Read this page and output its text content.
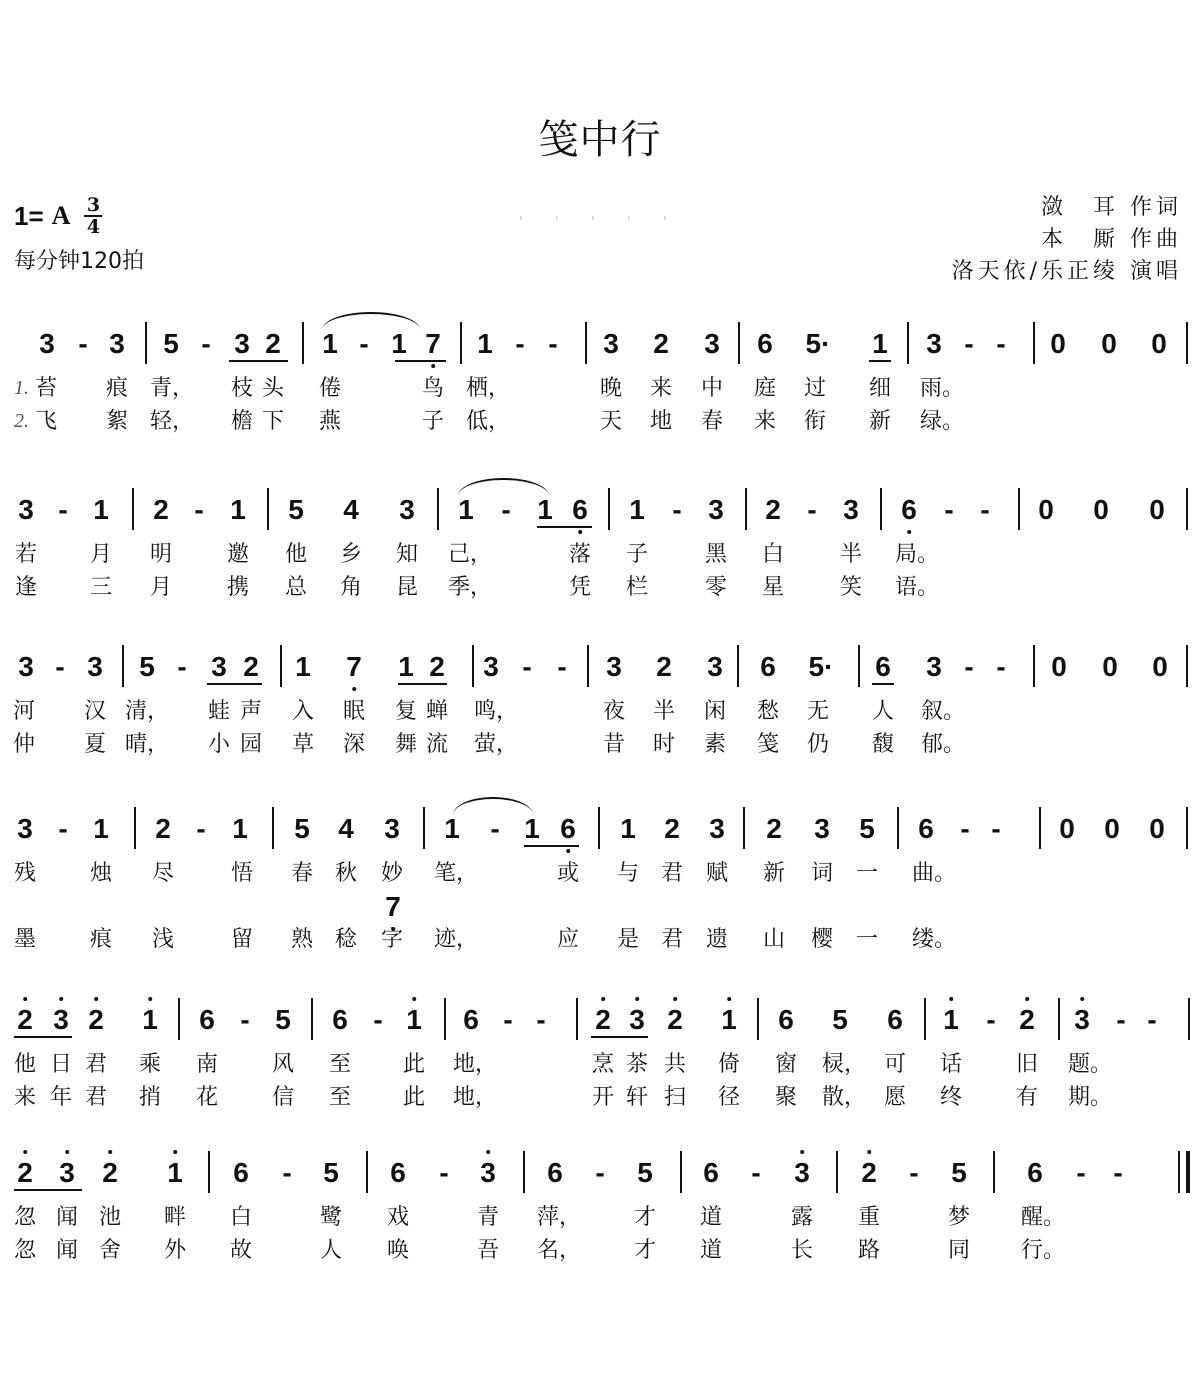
笺中行
1= A $\frac{3}{4}$
每分钟120拍
潋　耳 作词
本　厮 作曲
洛天依/乐正绫 演唱
3 - 3 5 - 3 2 1 - 1 7 1 - - 3 2 3 6 5· 1 3 - - 0 0 0
1. 苔 痕 青， 枝 头 倦	鸟 栖，	晚 来 中 庭 过 细 雨。
2. 飞 絮 轻， 檐 下 燕	子 低，	天 地 春 来 衔 新 绿。
3 - 1 2 - 1 5 4 3 1 - 1 6 1 - 3 2 - 3 6 - - 0 0 0
若 月 明 邀 他 乡 知 己，	落 子	黑 白	半 局。
逢 三 月 携 总 角 昆 季，	凭 栏	零 星	笑 语。
3 - 3 5 - 3 2 1 7 1 2 3 - - 3 2 3 6 5· 6 3 - - 0 0 0
河 汉 清， 蛙 声 入 眠 复 蝉 鸣，	夜 半 闲 愁 无 人 叙。
仲 夏 晴， 小 园 草 深 舞 流 萤，	昔 时 素 笺 仍 馥 郁。
3 - 1 2 - 1 5 4 3 1 - 1 6 1 2 3 2 3 5 6 - - 0 0 0
7
残 烛 尽	悟 春 秋 妙 笔，	或 与 君 赋 新 词 一 曲。
墨 痕 浅	留 熟 稔 字 迹，	应 是 君 遗 山 樱 一 缕。
2 3 2 1 6 - 5 6 - 1 6 - - 2 3 2 1 6 5 6 1 - 2 3 - -
他 日 君 乘 南 风 至 此 地，	烹 茶 共 倚 窗 棂， 可 话 旧 题。
来 年 君 捎 花 信 至 此 地，	开 轩 扫 径 聚 散， 愿 终 有 期。
2 3 2 1 6 - 5 6 - 3 6 - 5 6 - 3 2 - 5 6 - -
忽 闻 池 畔 白	鹭 戏	青 萍， 才 道	露 重	梦 醒。
忽 闻 舍 外 故	人 唤	吾 名， 才 道	长 路	同 行。
